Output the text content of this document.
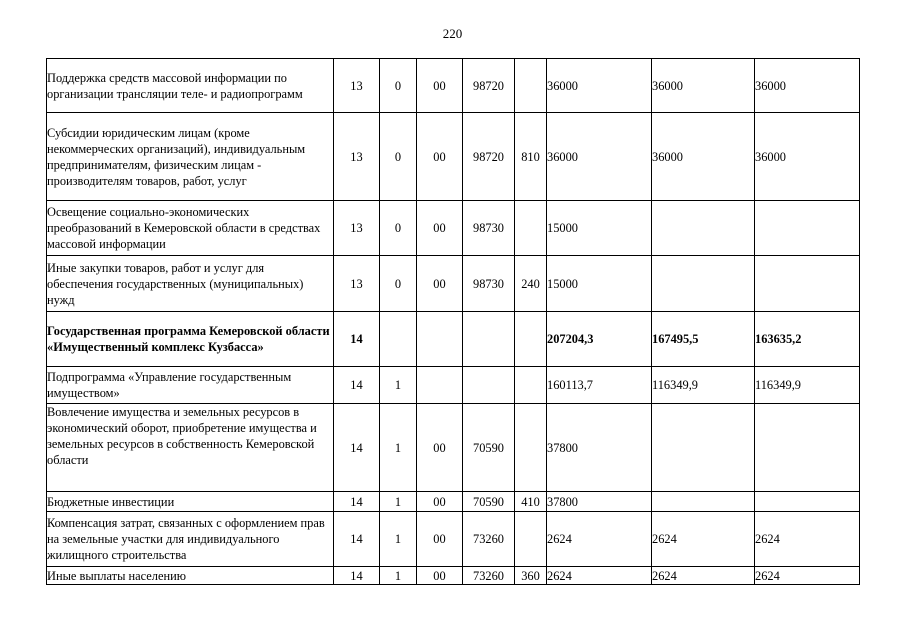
220
Поддержка средств массовой информации по организации трансляции теле- и радиопрограмм	13	0	00	98720		36000	36000	36000
Субсидии юридическим лицам (кроме некоммерческих организаций), индивидуальным предпринимателям, физическим лицам - производителям товаров, работ, услуг	13	0	00	98720	810	36000	36000	36000
Освещение социально-экономических преобразований в Кемеровской области в средствах массовой информации	13	0	00	98730		15000		
Иные закупки товаров, работ и услуг для обеспечения государственных (муниципальных) нужд	13	0	00	98730	240	15000		
Государственная программа Кемеровской области «Имущественный комплекс Кузбасса»	14					207204,3	167495,5	163635,2
Подпрограмма «Управление государственным имуществом»	14	1				160113,7	116349,9	116349,9
Вовлечение имущества и земельных ресурсов в экономический оборот, приобретение имущества и земельных ресурсов в собственность Кемеровской области	14	1	00	70590		37800		
Бюджетные инвестиции	14	1	00	70590	410	37800		
Компенсация затрат, связанных с оформлением прав на земельные участки для индивидуального жилищного строительства	14	1	00	73260		2624	2624	2624
Иные выплаты населению	14	1	00	73260	360	2624	2624	2624
